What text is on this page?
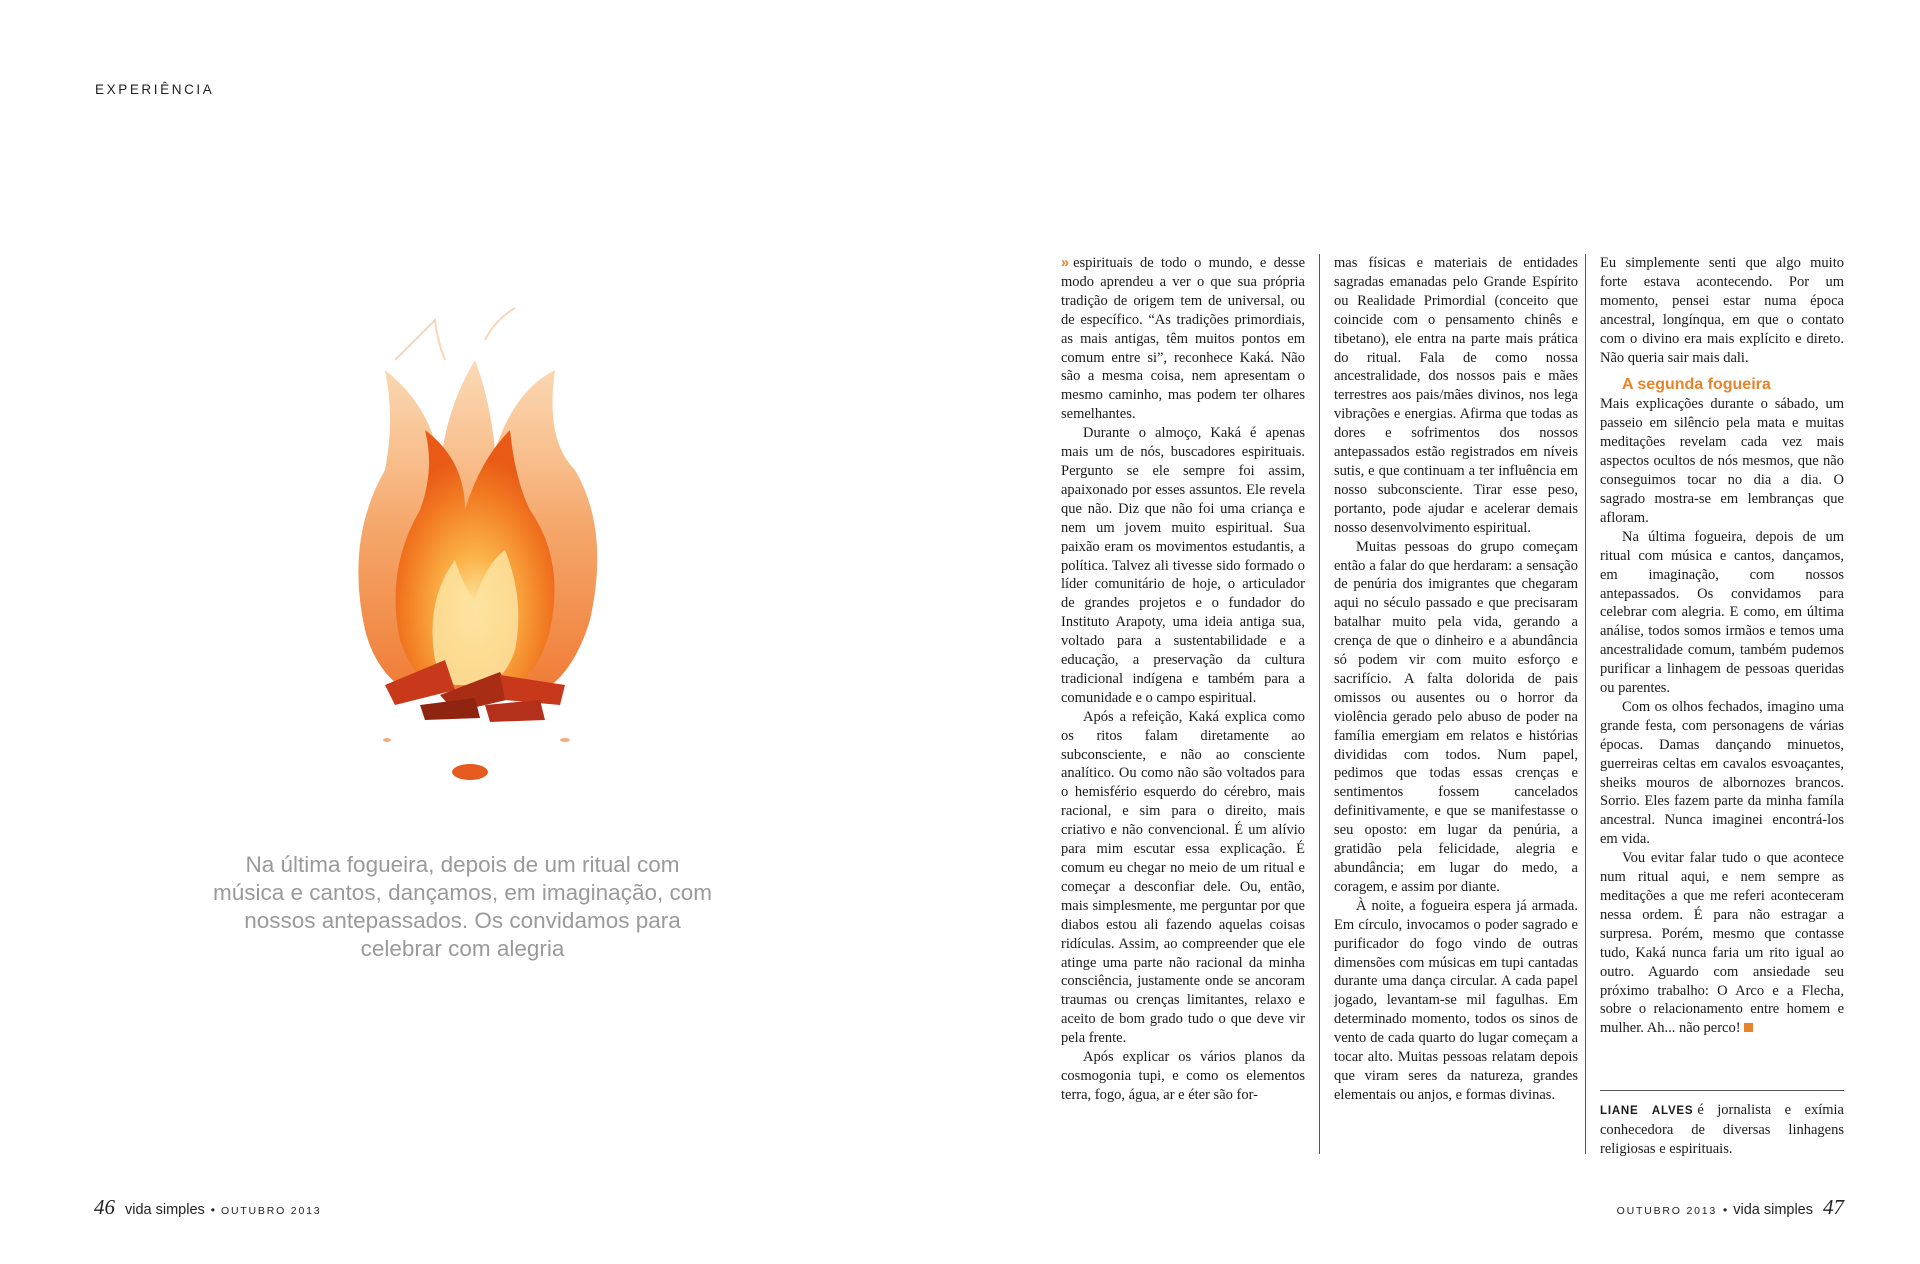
EXPERIÊNCIA
Na última fogueira, depois de um ritual com música e cantos, dançamos, em imaginação, com nossos antepassados. Os convidamos para celebrar com alegria

» espirituais de todo o mundo, e desse modo aprendeu a ver o que sua própria tradição de origem tem de universal, ou de específico. “As tradições primordiais, as mais antigas, têm muitos pontos em comum entre si”, reconhece Kaká. Não são a mesma coisa, nem apresentam o mesmo caminho, mas podem ter olhares semelhantes.

Durante o almoço, Kaká é apenas mais um de nós, buscadores espirituais. Pergunto se ele sempre foi assim, apaixonado por esses assuntos. Ele revela que não. Diz que não foi uma criança e nem um jovem muito espiritual. Sua paixão eram os movimentos estudantis, a política. Talvez ali tivesse sido formado o líder comunitário de hoje, o articulador de grandes projetos e o fundador do Instituto Arapoty, uma ideia antiga sua, voltado para a sustentabilidade e a educação, a preservação da cultura tradicional indígena e também para a comunidade e o campo espiritual.

Após a refeição, Kaká explica como os ritos falam diretamente ao subconsciente, e não ao consciente analítico. Ou como não são voltados para o hemisfério esquerdo do cérebro, mais racional, e sim para o direito, mais criativo e não convencional. É um alívio para mim escutar essa explicação. É comum eu chegar no meio de um ritual e começar a desconfiar dele. Ou, então, mais simplesmente, me perguntar por que diabos estou ali fazendo aquelas coisas ridículas. Assim, ao compreender que ele atinge uma parte não racional da minha consciência, justamente onde se ancoram traumas ou crenças limitantes, relaxo e aceito de bom grado tudo o que deve vir pela frente.

Após explicar os vários planos da cosmogonia tupi, e como os elementos terra, fogo, água, ar e éter são for-

mas físicas e materiais de entidades sagradas emanadas pelo Grande Espírito ou Realidade Primordial (conceito que coincide com o pensamento chinês e tibetano), ele entra na parte mais prática do ritual. Fala de como nossa ancestralidade, dos nossos pais e mães terrestres aos pais/mães divinos, nos lega vibrações e energias. Afirma que todas as dores e sofrimentos dos nossos antepassados estão registrados em níveis sutis, e que continuam a ter influência em nosso subconsciente. Tirar esse peso, portanto, pode ajudar e acelerar demais nosso desenvolvimento espiritual.

Muitas pessoas do grupo começam então a falar do que herdaram: a sensação de penúria dos imigrantes que chegaram aqui no século passado e que precisaram batalhar muito pela vida, gerando a crença de que o dinheiro e a abundância só podem vir com muito esforço e sacrifício. A falta dolorida de pais omissos ou ausentes ou o horror da violência gerado pelo abuso de poder na família emergiam em relatos e histórias divididas com todos. Num papel, pedimos que todas essas crenças e sentimentos fossem cancelados definitivamente, e que se manifestasse o seu oposto: em lugar da penúria, a gratidão pela felicidade, alegria e abundância; em lugar do medo, a coragem, e assim por diante.

À noite, a fogueira espera já armada. Em círculo, invocamos o poder sagrado e purificador do fogo vindo de outras dimensões com músicas em tupi cantadas durante uma dança circular. A cada papel jogado, levantam-se mil fagulhas. Em determinado momento, todos os sinos de vento de cada quarto do lugar começam a tocar alto. Muitas pessoas relatam depois que viram seres da natureza, grandes elementais ou anjos, e formas divinas.

Eu simplemente senti que algo muito forte estava acontecendo. Por um momento, pensei estar numa época ancestral, longínqua, em que o contato com o divino era mais explícito e direto. Não queria sair mais dali.

A segunda fogueira

Mais explicações durante o sábado, um passeio em silêncio pela mata e muitas meditações revelam cada vez mais aspectos ocultos de nós mesmos, que não conseguimos tocar no dia a dia. O sagrado mostra-se em lembranças que afloram.

Na última fogueira, depois de um ritual com música e cantos, dançamos, em imaginação, com nossos antepassados. Os convidamos para celebrar com alegria. E como, em última análise, todos somos irmãos e temos uma ancestralidade comum, também pudemos purificar a linhagem de pessoas queridas ou parentes.

Com os olhos fechados, imagino uma grande festa, com personagens de várias épocas. Damas dançando minuetos, guerreiras celtas em cavalos esvoaçantes, sheiks mouros de albornozes brancos. Sorrio. Eles fazem parte da minha famíla ancestral. Nunca imaginei encontrá-los em vida.

Vou evitar falar tudo o que acontece num ritual aqui, e nem sempre as meditações a que me referi aconteceram nessa ordem. É para não estragar a surpresa. Porém, mesmo que contasse tudo, Kaká nunca faria um rito igual ao outro. Aguardo com ansiedade seu próximo trabalho: O Arco e a Flecha, sobre o relacionamento entre homem e mulher. Ah... não perco!

LIANE ALVES é jornalista e exímia conhecedora de diversas linhagens religiosas e espirituais.
46 vida simples • OUTUBRO 2013	OUTUBRO 2013 • vida simples 47
